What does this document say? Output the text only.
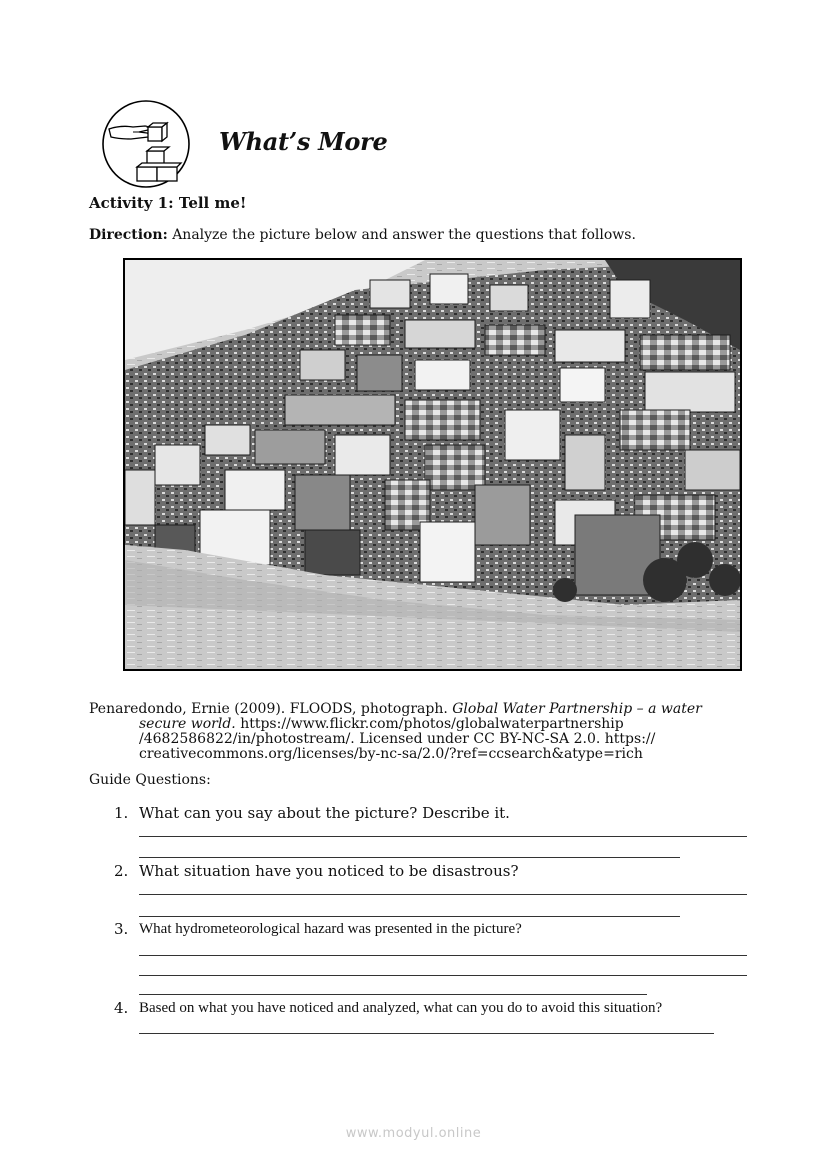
What’s More
Activity 1: Tell me!
Direction: Analyze the picture below and answer the questions that follows.
Penaredondo, Ernie (2009). FLOODS, photograph. Global Water Partnership – a water
secure world. https://www.flickr.com/photos/globalwaterpartnership
/4682586822/in/photostream/. Licensed under CC BY-NC-SA 2.0. https://
creativecommons.org/licenses/by-nc-sa/2.0/?ref=ccsearch&atype=rich
Guide Questions:
1. What can you say about the picture? Describe it.
2. What situation have you noticed to be disastrous?
3. What hydrometeorological hazard was presented in the picture?
4. Based on what you have noticed and analyzed, what can you do to avoid this situation?
www.modyul.online
